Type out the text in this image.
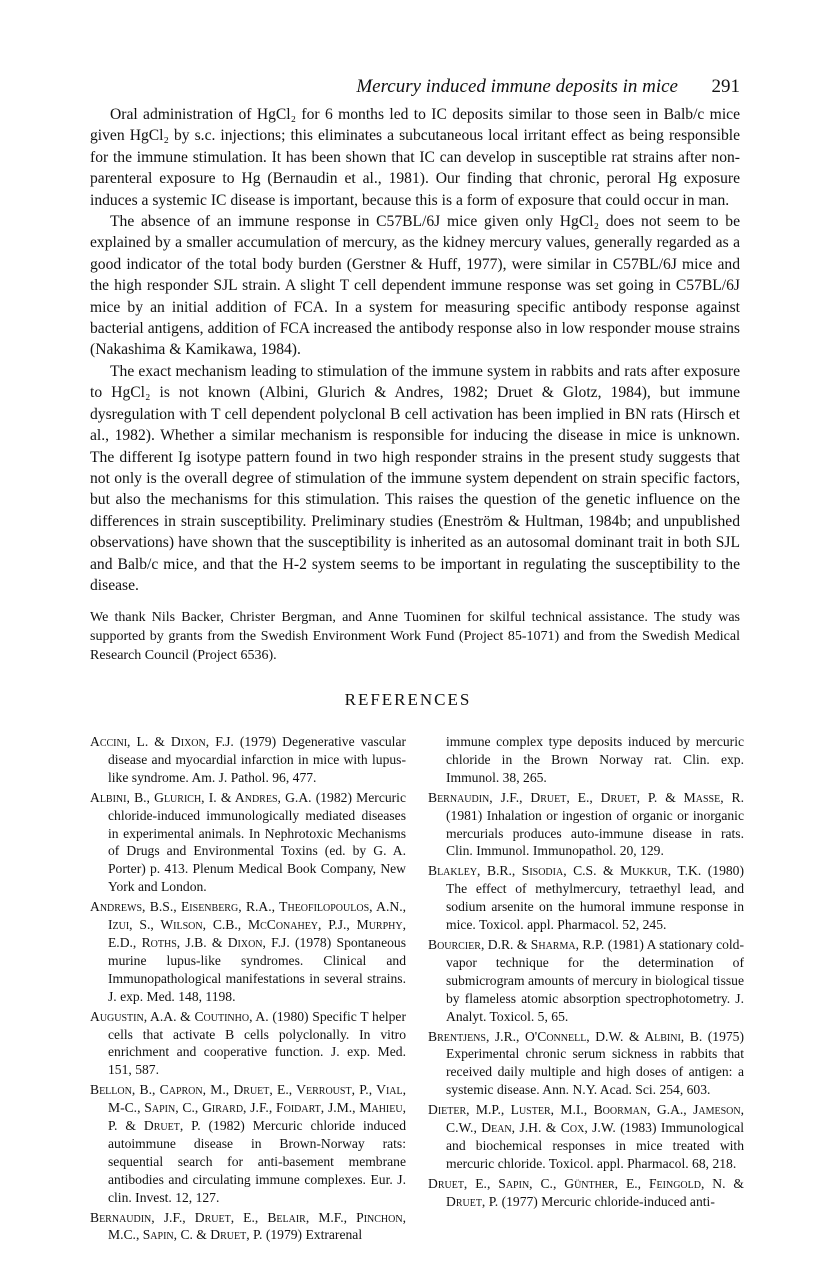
Mercury induced immune deposits in mice 291

Oral administration of HgCl₂ for 6 months led to IC deposits similar to those seen in Balb/c mice given HgCl₂ by s.c. injections; this eliminates a subcutaneous local irritant effect as being responsible for the immune stimulation. It has been shown that IC can develop in susceptible rat strains after non-parenteral exposure to Hg (Bernaudin et al., 1981). Our finding that chronic, peroral Hg exposure induces a systemic IC disease is important, because this is a form of exposure that could occur in man.

The absence of an immune response in C57BL/6J mice given only HgCl₂ does not seem to be explained by a smaller accumulation of mercury, as the kidney mercury values, generally regarded as a good indicator of the total body burden (Gerstner & Huff, 1977), were similar in C57BL/6J mice and the high responder SJL strain. A slight T cell dependent immune response was set going in C57BL/6J mice by an initial addition of FCA. In a system for measuring specific antibody response against bacterial antigens, addition of FCA increased the antibody response also in low responder mouse strains (Nakashima & Kamikawa, 1984).

The exact mechanism leading to stimulation of the immune system in rabbits and rats after exposure to HgCl₂ is not known (Albini, Glurich & Andres, 1982; Druet & Glotz, 1984), but immune dysregulation with T cell dependent polyclonal B cell activation has been implied in BN rats (Hirsch et al., 1982). Whether a similar mechanism is responsible for inducing the disease in mice is unknown. The different Ig isotype pattern found in two high responder strains in the present study suggests that not only is the overall degree of stimulation of the immune system dependent on strain specific factors, but also the mechanisms for this stimulation. This raises the question of the genetic influence on the differences in strain susceptibility. Preliminary studies (Eneström & Hultman, 1984b; and unpublished observations) have shown that the susceptibility is inherited as an autosomal dominant trait in both SJL and Balb/c mice, and that the H-2 system seems to be important in regulating the susceptibility to the disease.

We thank Nils Backer, Christer Bergman, and Anne Tuominen for skilful technical assistance. The study was supported by grants from the Swedish Environment Work Fund (Project 85-1071) and from the Swedish Medical Research Council (Project 6536).
REFERENCES

Accini, L. & Dixon, F.J. (1979) Degenerative vascular disease and myocardial infarction in mice with lupus-like syndrome. Am. J. Pathol. 96, 477.

Albini, B., Glurich, I. & Andres, G.A. (1982) Mercuric chloride-induced immunologically mediated diseases in experimental animals. In Nephrotoxic Mechanisms of Drugs and Environmental Toxins (ed. by G. A. Porter) p. 413. Plenum Medical Book Company, New York and London.

Andrews, B.S., Eisenberg, R.A., Theofilopoulos, A.N., Izui, S., Wilson, C.B., McConahey, P.J., Murphy, E.D., Roths, J.B. & Dixon, F.J. (1978) Spontaneous murine lupus-like syndromes. Clinical and Immunopathological manifestations in several strains. J. exp. Med. 148, 1198.

Augustin, A.A. & Coutinho, A. (1980) Specific T helper cells that activate B cells polyclonally. In vitro enrichment and cooperative function. J. exp. Med. 151, 587.

Bellon, B., Capron, M., Druet, E., Verroust, P., Vial, M-C., Sapin, C., Girard, J.F., Foidart, J.M., Mahieu, P. & Druet, P. (1982) Mercuric chloride induced autoimmune disease in Brown-Norway rats: sequential search for anti-basement membrane antibodies and circulating immune complexes. Eur. J. clin. Invest. 12, 127.

Bernaudin, J.F., Druet, E., Belair, M.F., Pinchon, M.C., Sapin, C. & Druet, P. (1979) Extrarenal

immune complex type deposits induced by mercuric chloride in the Brown Norway rat. Clin. exp. Immunol. 38, 265.

Bernaudin, J.F., Druet, E., Druet, P. & Masse, R. (1981) Inhalation or ingestion of organic or inorganic mercurials produces auto-immune disease in rats. Clin. Immunol. Immunopathol. 20, 129.

Blakley, B.R., Sisodia, C.S. & Mukkur, T.K. (1980) The effect of methylmercury, tetraethyl lead, and sodium arsenite on the humoral immune response in mice. Toxicol. appl. Pharmacol. 52, 245.

Bourcier, D.R. & Sharma, R.P. (1981) A stationary cold-vapor technique for the determination of submicrogram amounts of mercury in biological tissue by flameless atomic absorption spectrophotometry. J. Analyt. Toxicol. 5, 65.

Brentjens, J.R., O'Connell, D.W. & Albini, B. (1975) Experimental chronic serum sickness in rabbits that received daily multiple and high doses of antigen: a systemic disease. Ann. N.Y. Acad. Sci. 254, 603.

Dieter, M.P., Luster, M.I., Boorman, G.A., Jameson, C.W., Dean, J.H. & Cox, J.W. (1983) Immunological and biochemical responses in mice treated with mercuric chloride. Toxicol. appl. Pharmacol. 68, 218.

Druet, E., Sapin, C., Günther, E., Feingold, N. & Druet, P. (1977) Mercuric chloride-induced anti-
